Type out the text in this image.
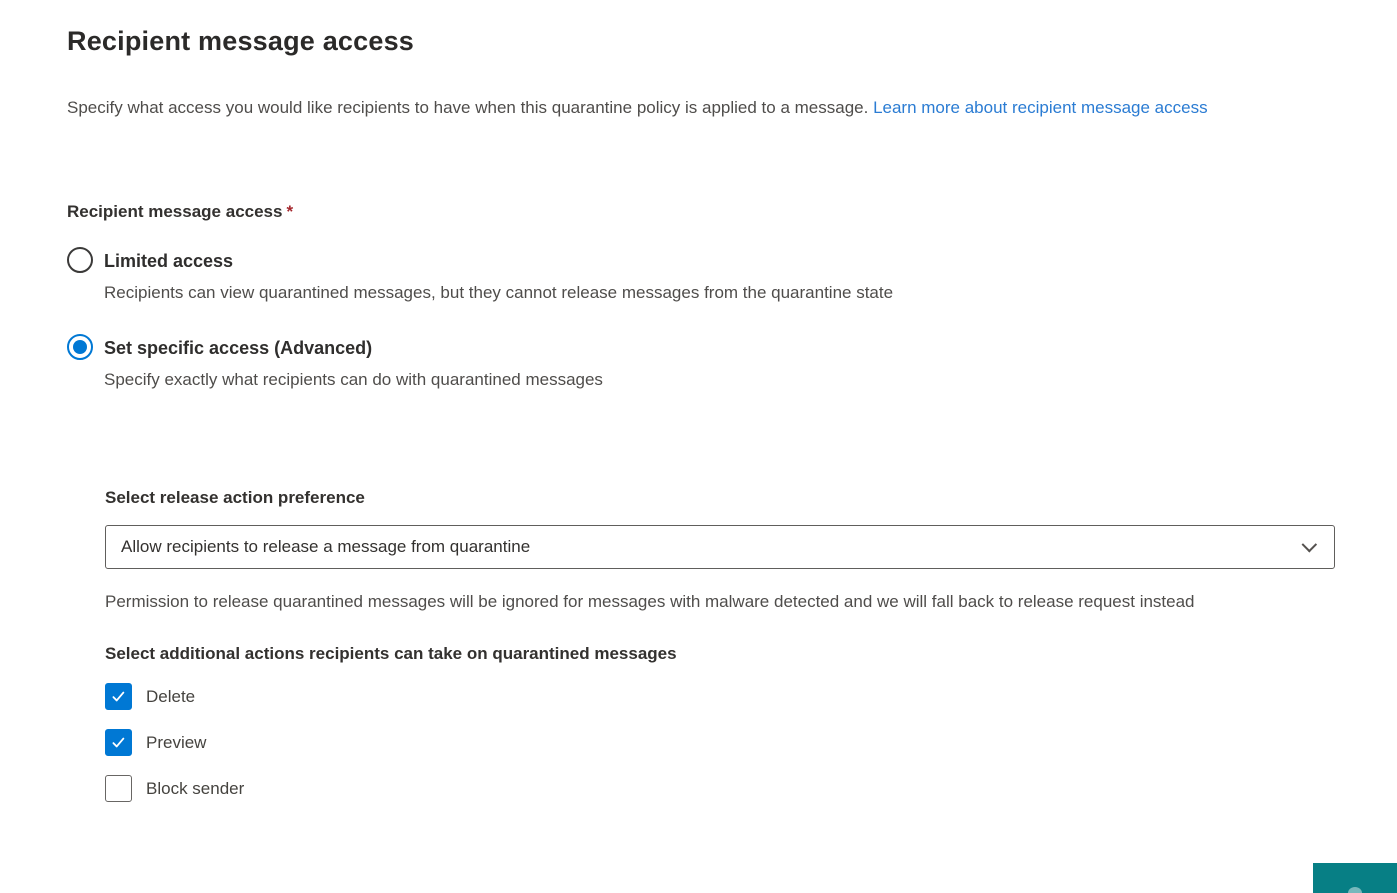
Recipient message access

Specify what access you would like recipients to have when this quarantine policy is applied to a message. Learn more about recipient message access

Recipient message access *
Limited access
Recipients can view quarantined messages, but they cannot release messages from the quarantine state
Set specific access (Advanced)
Specify exactly what recipients can do with quarantined messages
Select release action preference
Allow recipients to release a message from quarantine
Permission to release quarantined messages will be ignored for messages with malware detected and we will fall back to release request instead
Select additional actions recipients can take on quarantined messages
Delete
Preview
Block sender
